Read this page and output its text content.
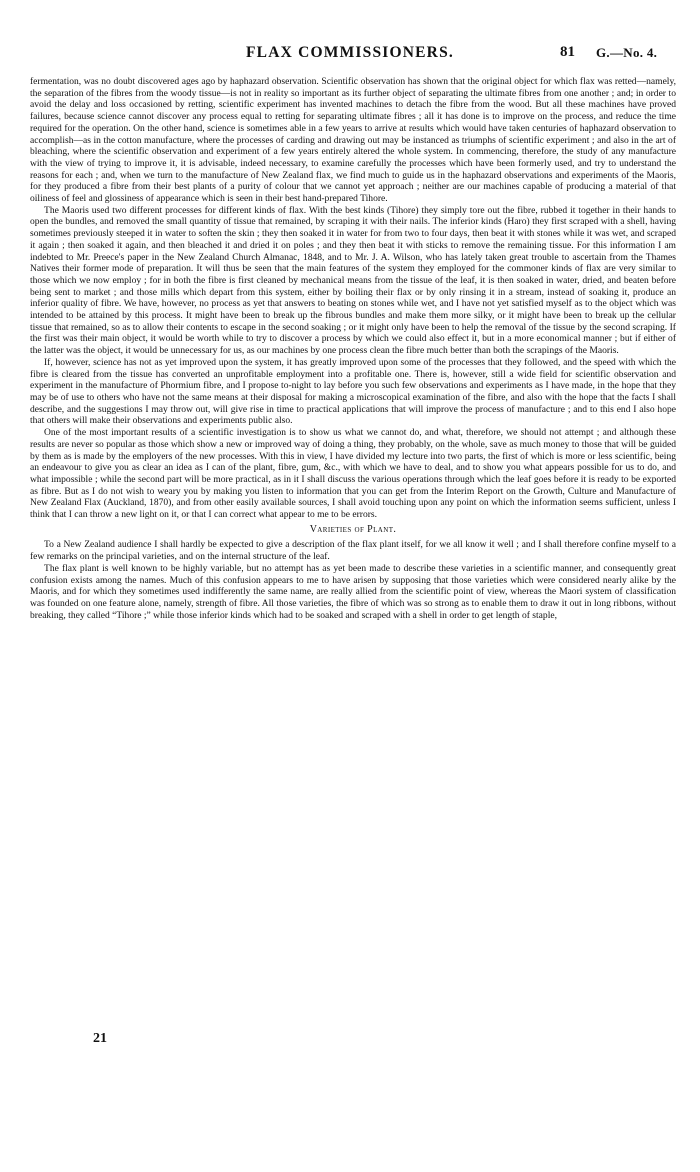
FLAX COMMISSIONERS.	81 G.—No. 4.

fermentation, was no doubt discovered ages ago by haphazard observation. Scientific observation has shown that the original object for which flax was retted—namely, the separation of the fibres from the woody tissue—is not in reality so important as its further object of separating the ultimate fibres from one another ; and; in order to avoid the delay and loss occasioned by retting, scientific experiment has invented machines to detach the fibre from the wood. But all these machines have proved failures, because science cannot discover any process equal to retting for separating ultimate fibres ; all it has done is to improve on the process, and reduce the time required for the operation. On the other hand, science is sometimes able in a few years to arrive at results which would have taken centuries of haphazard observation to accomplish—as in the cotton manufacture, where the processes of carding and drawing out may be instanced as triumphs of scientific experiment ; and also in the art of bleaching, where the scientific observation and experiment of a few years entirely altered the whole system. In commencing, therefore, the study of any manufacture with the view of trying to improve it, it is advisable, indeed necessary, to examine carefully the processes which have been formerly used, and try to understand the reasons for each ; and, when we turn to the manufacture of New Zealand flax, we find much to guide us in the haphazard observations and experiments of the Maoris, for they produced a fibre from their best plants of a purity of colour that we cannot yet approach ; neither are our machines capable of producing a material of that oiliness of feel and glossiness of appearance which is seen in their best hand-prepared Tihore.

The Maoris used two different processes for different kinds of flax. With the best kinds (Tihore) they simply tore out the fibre, rubbed it together in their hands to open the bundles, and removed the small quantity of tissue that remained, by scraping it with their nails. The inferior kinds (Haro) they first scraped with a shell, having sometimes previously steeped it in water to soften the skin ; they then soaked it in water for from two to four days, then beat it with stones while it was wet, and scraped it again ; then soaked it again, and then bleached it and dried it on poles ; and they then beat it with sticks to remove the remaining tissue. For this information I am indebted to Mr. Preece's paper in the New Zealand Church Almanac, 1848, and to Mr. J. A. Wilson, who has lately taken great trouble to ascertain from the Thames Natives their former mode of preparation. It will thus be seen that the main features of the system they employed for the commoner kinds of flax are very similar to those which we now employ ; for in both the fibre is first cleaned by mechanical means from the tissue of the leaf, it is then soaked in water, dried, and beaten before being sent to market ; and those mills which depart from this system, either by boiling their flax or by only rinsing it in a stream, instead of soaking it, produce an inferior quality of fibre. We have, however, no process as yet that answers to beating on stones while wet, and I have not yet satisfied myself as to the object which was intended to be attained by this process. It might have been to break up the fibrous bundles and make them more silky, or it might have been to break up the cellular tissue that remained, so as to allow their contents to escape in the second soaking ; or it might only have been to help the removal of the tissue by the second scraping. If the first was their main object, it would be worth while to try to discover a process by which we could also effect it, but in a more economical manner ; but if either of the latter was the object, it would be unnecessary for us, as our machines by one process clean the fibre much better than both the scrapings of the Maoris.

If, however, science has not as yet improved upon the system, it has greatly improved upon some of the processes that they followed, and the speed with which the fibre is cleared from the tissue has converted an unprofitable employment into a profitable one. There is, however, still a wide field for scientific observation and experiment in the manufacture of Phormium fibre, and I propose to-night to lay before you such few observations and experiments as I have made, in the hope that they may be of use to others who have not the same means at their disposal for making a microscopical examination of the fibre, and also with the hope that the facts I shall describe, and the suggestions I may throw out, will give rise in time to practical applications that will improve the process of manufacture ; and to this end I also hope that others will make their observations and experiments public also.

One of the most important results of a scientific investigation is to show us what we cannot do, and what, therefore, we should not attempt ; and although these results are never so popular as those which show a new or improved way of doing a thing, they probably, on the whole, save as much money to those that will be guided by them as is made by the employers of the new processes. With this in view, I have divided my lecture into two parts, the first of which is more or less scientific, being an endeavour to give you as clear an idea as I can of the plant, fibre, gum, &c., with which we have to deal, and to show you what appears possible for us to do, and what impossible ; while the second part will be more practical, as in it I shall discuss the various operations through which the leaf goes before it is ready to be exported as fibre. But as I do not wish to weary you by making you listen to information that you can get from the Interim Report on the Growth, Culture and Manufacture of New Zealand Flax (Auckland, 1870), and from other easily available sources, I shall avoid touching upon any point on which the information seems sufficient, unless I think that I can throw a new light on it, or that I can correct what appear to me to be errors.

Varieties of Plant.

To a New Zealand audience I shall hardly be expected to give a description of the flax plant itself, for we all know it well ; and I shall therefore confine myself to a few remarks on the principal varieties, and on the internal structure of the leaf.

The flax plant is well known to be highly variable, but no attempt has as yet been made to describe these varieties in a scientific manner, and consequently great confusion exists among the names. Much of this confusion appears to me to have arisen by supposing that those varieties which were considered nearly alike by the Maoris, and for which they sometimes used indifferently the same name, are really allied from the scientific point of view, whereas the Maori system of classification was founded on one feature alone, namely, strength of fibre. All those varieties, the fibre of which was so strong as to enable them to draw it out in long ribbons, without breaking, they called “Tihore ;” while those inferior kinds which had to be soaked and scraped with a shell in order to get length of staple,

21
